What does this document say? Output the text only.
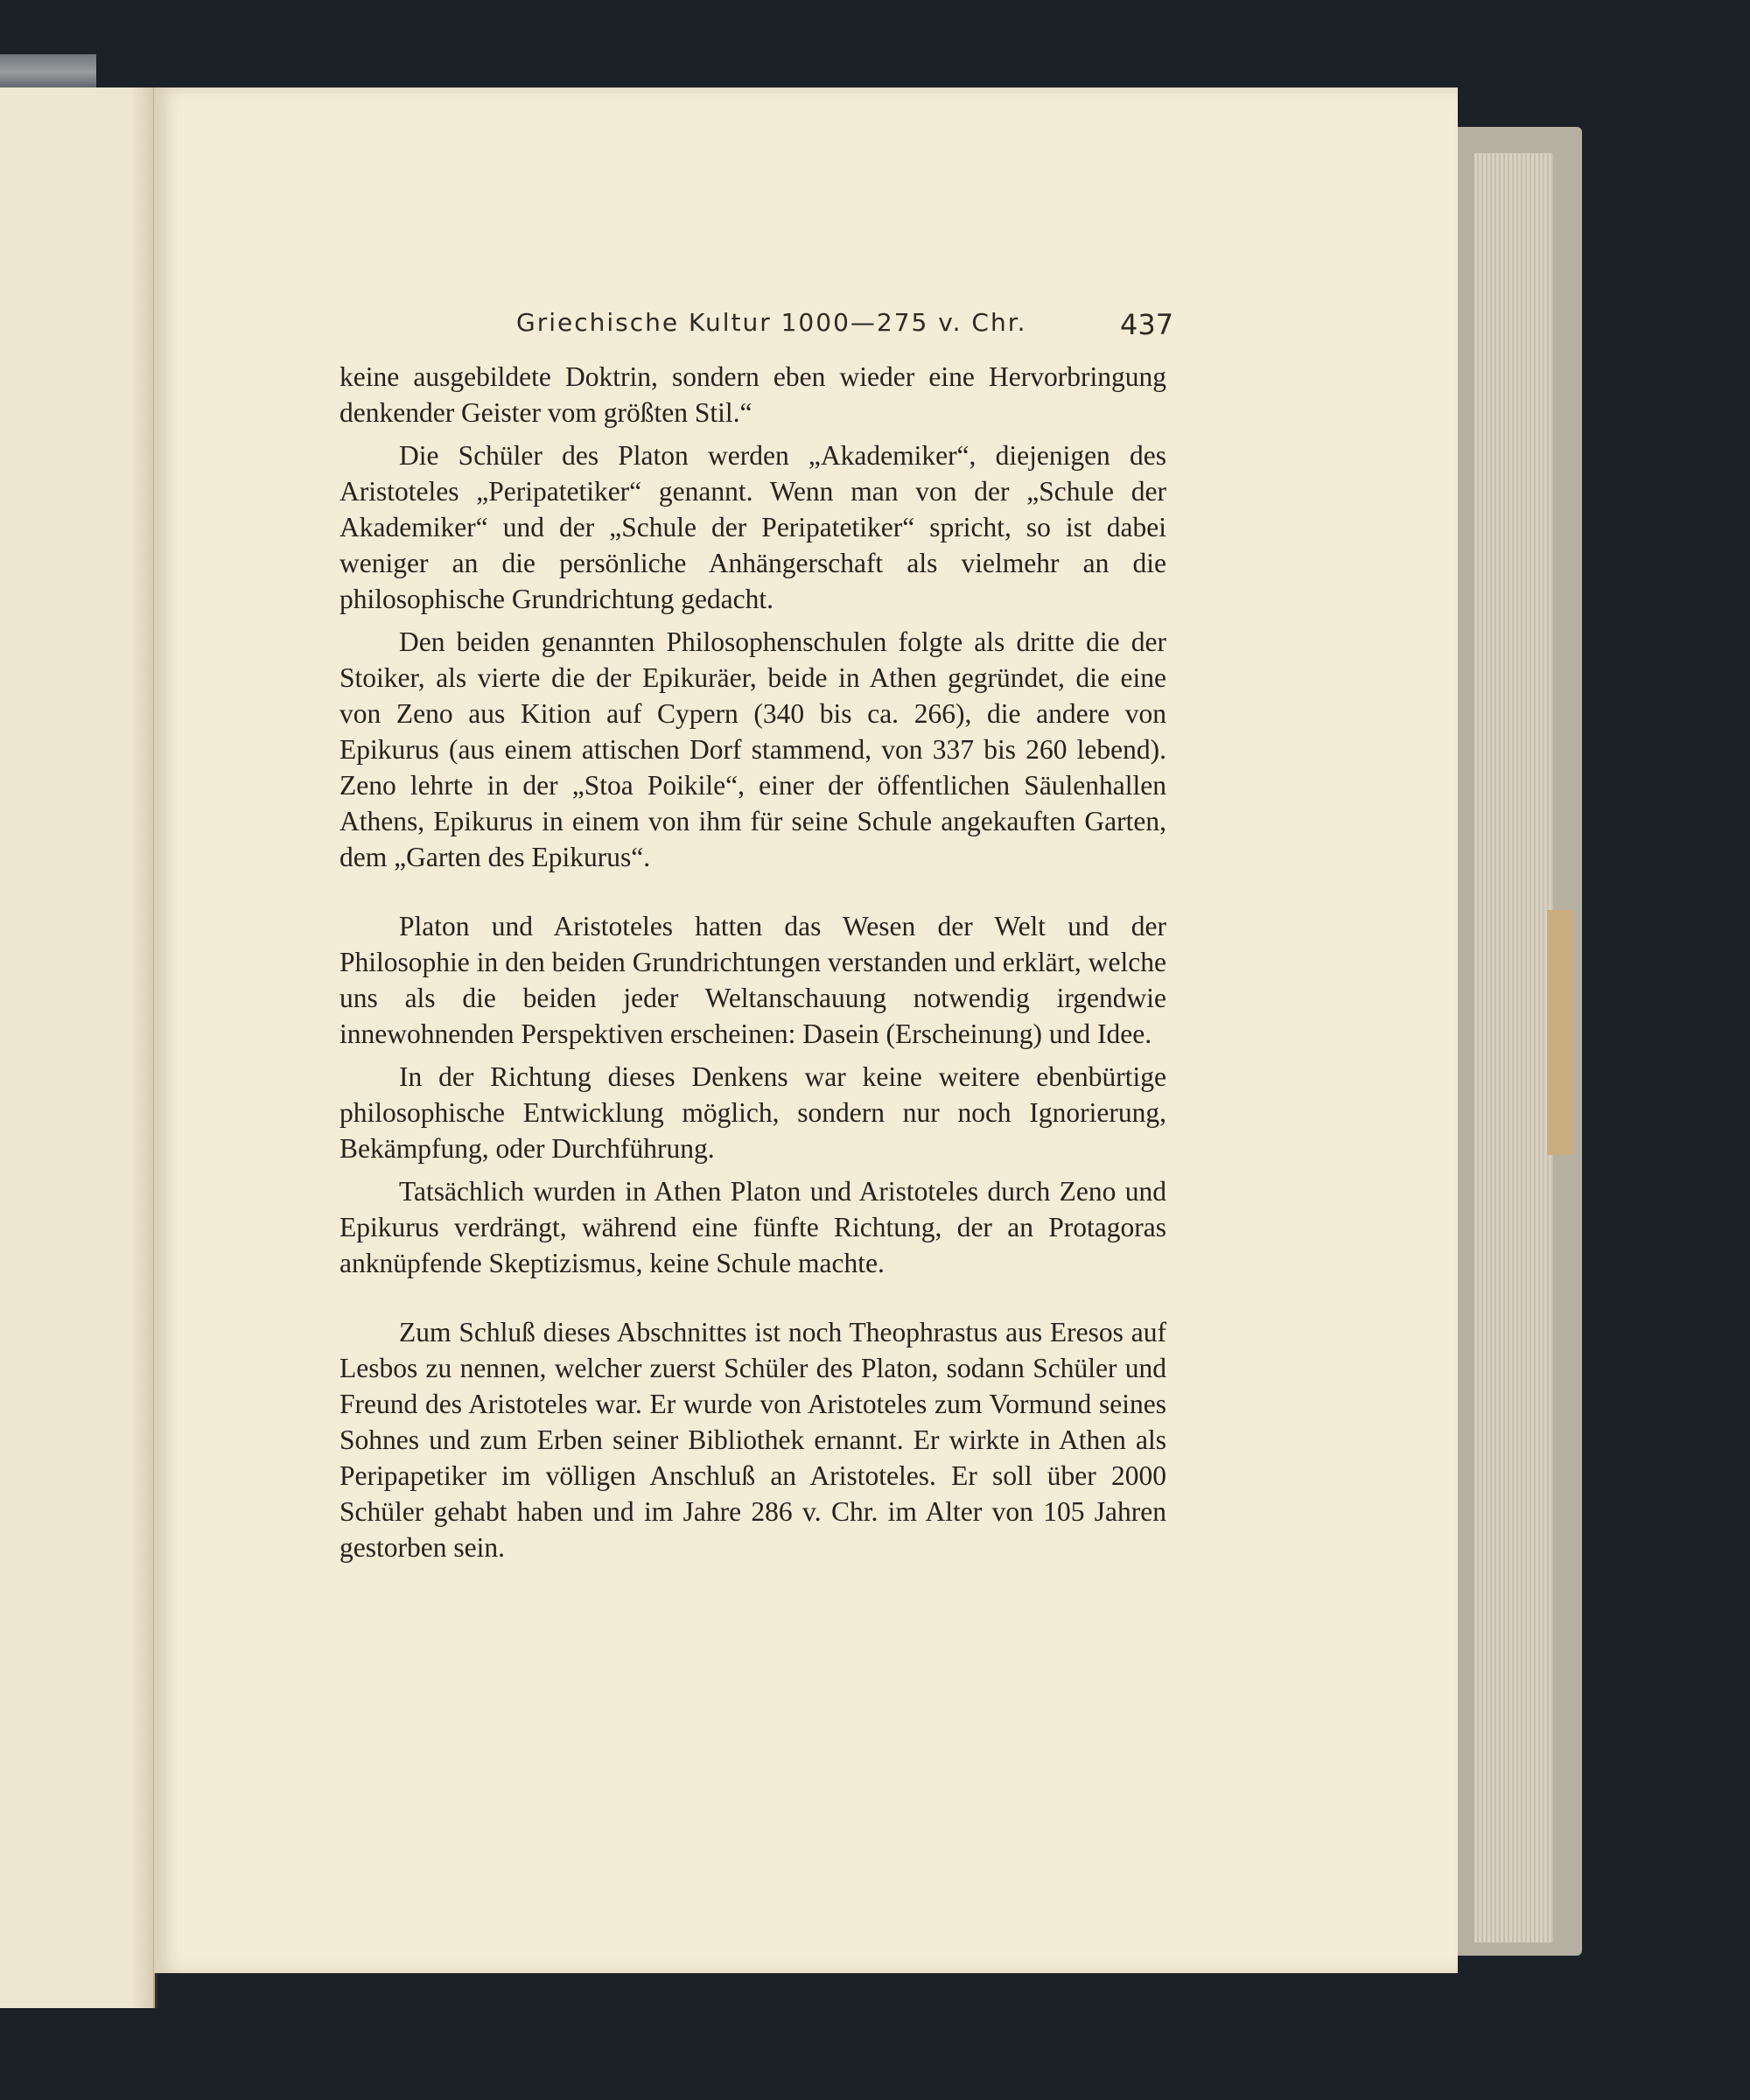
Griechische Kultur 1000—275 v. Chr.	437

keine ausgebildete Doktrin, sondern eben wieder eine Hervorbringung denkender Geister vom größten Stil.“

Die Schüler des Platon werden „Akademiker“, diejenigen des Aristoteles „Peripatetiker“ genannt. Wenn man von der „Schule der Akademiker“ und der „Schule der Peripatetiker“ spricht, so ist dabei weniger an die persönliche Anhängerschaft als vielmehr an die philosophische Grundrichtung gedacht.

Den beiden genannten Philosophenschulen folgte als dritte die der Stoiker, als vierte die der Epikuräer, beide in Athen gegründet, die eine von Zeno aus Kition auf Cypern (340 bis ca. 266), die andere von Epikurus (aus einem attischen Dorf stammend, von 337 bis 260 lebend). Zeno lehrte in der „Stoa Poikile“, einer der öffentlichen Säulenhallen Athens, Epikurus in einem von ihm für seine Schule angekauften Garten, dem „Garten des Epikurus“.

Platon und Aristoteles hatten das Wesen der Welt und der Philosophie in den beiden Grundrichtungen verstanden und erklärt, welche uns als die beiden jeder Weltanschauung notwendig irgendwie innewohnenden Perspektiven erscheinen: Dasein (Erscheinung) und Idee.

In der Richtung dieses Denkens war keine weitere ebenbürtige philosophische Entwicklung möglich, sondern nur noch Ignorierung, Bekämpfung, oder Durchführung.

Tatsächlich wurden in Athen Platon und Aristoteles durch Zeno und Epikurus verdrängt, während eine fünfte Richtung, der an Protagoras anknüpfende Skeptizismus, keine Schule machte.

Zum Schluß dieses Abschnittes ist noch Theophrastus aus Eresos auf Lesbos zu nennen, welcher zuerst Schüler des Platon, sodann Schüler und Freund des Aristoteles war. Er wurde von Aristoteles zum Vormund seines Sohnes und zum Erben seiner Bibliothek ernannt. Er wirkte in Athen als Peripapetiker im völligen Anschluß an Aristoteles. Er soll über 2000 Schüler gehabt haben und im Jahre 286 v. Chr. im Alter von 105 Jahren gestorben sein.
